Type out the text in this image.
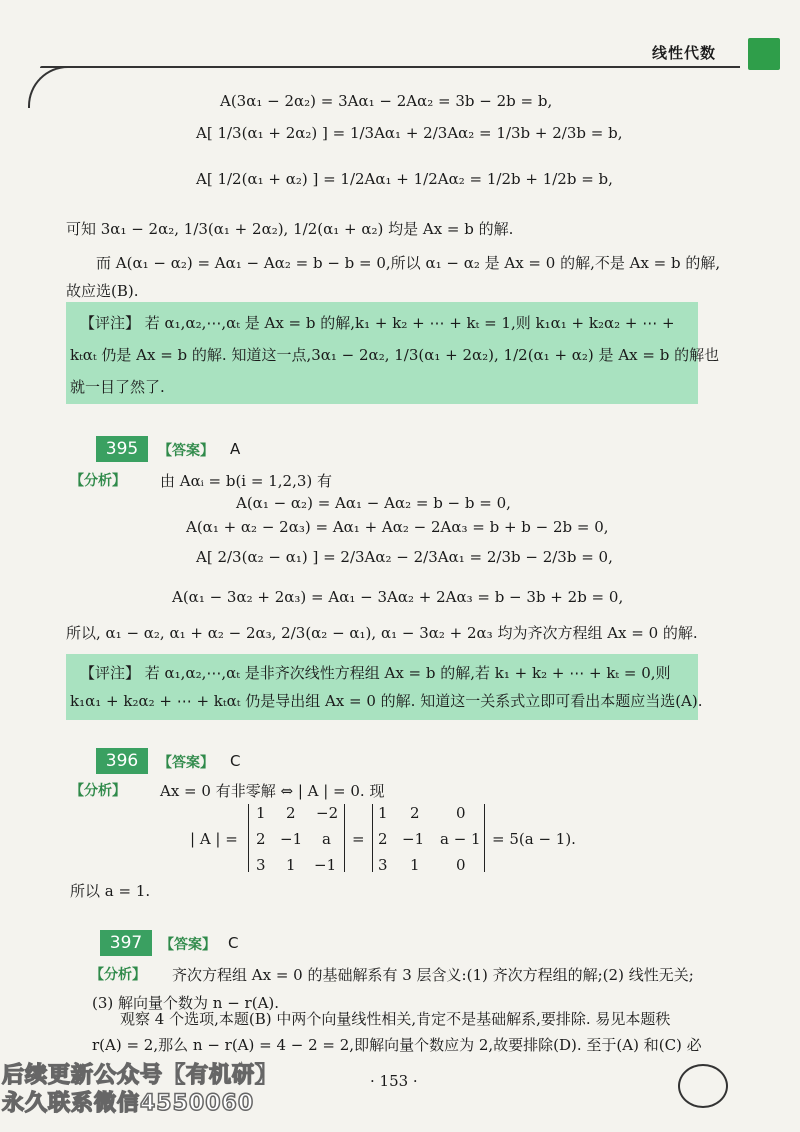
线性代数
A(3α₁ − 2α₂) = 3Aα₁ − 2Aα₂ = 3b − 2b = b,
A[ 1/3(α₁ + 2α₂) ] = 1/3Aα₁ + 2/3Aα₂ = 1/3b + 2/3b = b,
A[ 1/2(α₁ + α₂) ] = 1/2Aα₁ + 1/2Aα₂ = 1/2b + 1/2b = b,
可知 3α₁ − 2α₂, 1/3(α₁ + 2α₂), 1/2(α₁ + α₂) 均是 Ax = b 的解.
而 A(α₁ − α₂) = Aα₁ − Aα₂ = b − b = 0,所以 α₁ − α₂ 是 Ax = 0 的解,不是 Ax = b 的解,
故应选(B).
【评注】 若 α₁,α₂,⋯,αₜ 是 Ax = b 的解,k₁ + k₂ + ⋯ + kₜ = 1,则 k₁α₁ + k₂α₂ + ⋯ +
kₜαₜ 仍是 Ax = b 的解. 知道这一点,3α₁ − 2α₂, 1/3(α₁ + 2α₂), 1/2(α₁ + α₂) 是 Ax = b 的解也
就一目了然了.
395	【答案】 A
【分析】 由 Aαᵢ = b(i = 1,2,3) 有
A(α₁ − α₂) = Aα₁ − Aα₂ = b − b = 0,
A(α₁ + α₂ − 2α₃) = Aα₁ + Aα₂ − 2Aα₃ = b + b − 2b = 0,
A[ 2/3(α₂ − α₁) ] = 2/3Aα₂ − 2/3Aα₁ = 2/3b − 2/3b = 0,
A(α₁ − 3α₂ + 2α₃) = Aα₁ − 3Aα₂ + 2Aα₃ = b − 3b + 2b = 0,
所以, α₁ − α₂, α₁ + α₂ − 2α₃, 2/3(α₂ − α₁), α₁ − 3α₂ + 2α₃ 均为齐次方程组 Ax = 0 的解.
【评注】 若 α₁,α₂,⋯,αₜ 是非齐次线性方程组 Ax = b 的解,若 k₁ + k₂ + ⋯ + kₜ = 0,则
k₁α₁ + k₂α₂ + ⋯ + kₜαₜ 仍是导出组 Ax = 0 的解. 知道这一关系式立即可看出本题应当选(A).
396	【答案】 C
【分析】 Ax = 0 有非零解 ⇔ | A | = 0. 现
| A | =
1 2 −2
2 −1 a
3 1 −1
=
1 2 0
2 −1 a − 1
3 1 0
= 5(a − 1).
所以 a = 1.
397	【答案】 C
【分析】 齐次方程组 Ax = 0 的基础解系有 3 层含义:(1) 齐次方程组的解;(2) 线性无关;
(3) 解向量个数为 n − r(A).
观察 4 个选项,本题(B) 中两个向量线性相关,肯定不是基础解系,要排除. 易见本题秩
r(A) = 2,那么 n − r(A) = 4 − 2 = 2,即解向量个数应为 2,故要排除(D). 至于(A) 和(C) 必
· 153 ·
后续更新公众号【有机研】
永久联系微信4550060
